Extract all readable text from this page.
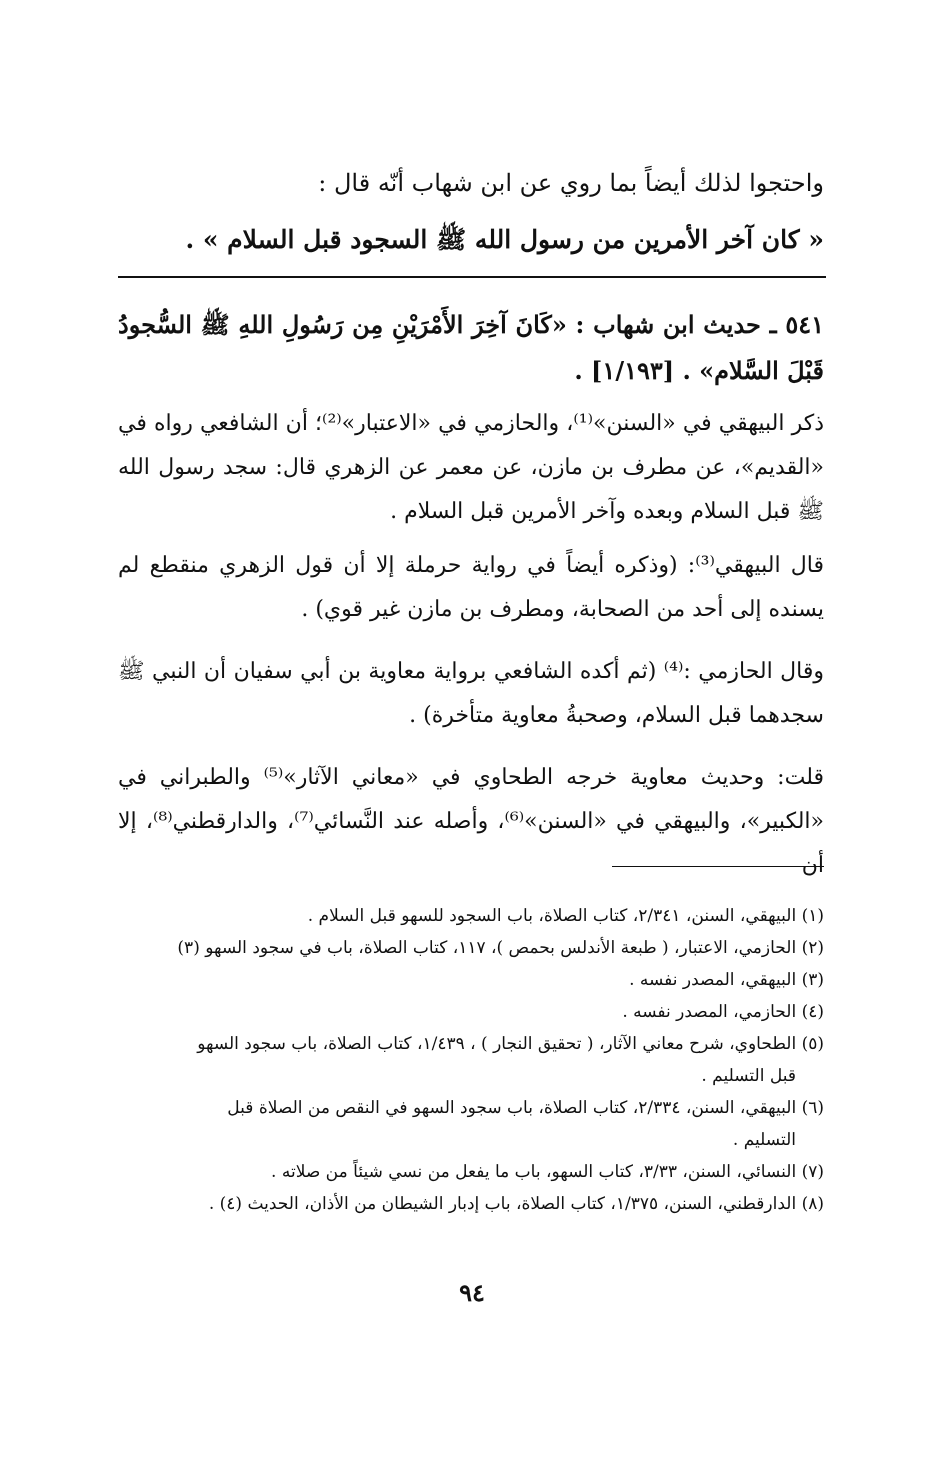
واحتجوا لذلك أيضاً بما روي عن ابن شهاب أنّه قال :
« كان آخر الأمرين من رسول الله ﷺ السجود قبل السلام » .
٥٤١ ـ حديث ابن شهاب : «كَانَ آخِرَ الأَمْرَيْنِ مِن رَسُولِ اللهِ ﷺ السُّجودُ قَبْلَ السَّلام» . [١/١٩٣] .
ذكر البيهقي في «السنن»⁽¹⁾، والحازمي في «الاعتبار»⁽²⁾؛ أن الشافعي رواه في «القديم»، عن مطرف بن مازن، عن معمر عن الزهري قال: سجد رسول الله ﷺ قبل السلام وبعده وآخر الأمرين قبل السلام .
قال البيهقي⁽³⁾: (وذكره أيضاً في رواية حرملة إلا أن قول الزهري منقطع لم يسنده إلى أحد من الصحابة، ومطرف بن مازن غير قوي) .
وقال الحازمي :⁽⁴⁾ (ثم أكده الشافعي برواية معاوية بن أبي سفيان أن النبي ﷺ سجدهما قبل السلام، وصحبةُ معاوية متأخرة) .
قلت: وحديث معاوية خرجه الطحاوي في «معاني الآثار»⁽⁵⁾ والطبراني في «الكبير»، والبيهقي في «السنن»⁽⁶⁾، وأصله عند النَّسائي⁽⁷⁾، والدارقطني⁽⁸⁾، إلا أن

(١) البيهقي، السنن، ٢/٣٤١، كتاب الصلاة، باب السجود للسهو قبل السلام .

(٢) الحازمي، الاعتبار، ( طبعة الأندلس بحمص )، ١١٧، كتاب الصلاة، باب في سجود السهو (٣)

(٣) البيهقي، المصدر نفسه .

(٤) الحازمي، المصدر نفسه .

(٥) الطحاوي، شرح معاني الآثار، ( تحقيق النجار ) ، ١/٤٣٩، كتاب الصلاة، باب سجود السهو

قبل التسليم .

(٦) البيهقي، السنن، ٢/٣٣٤، كتاب الصلاة، باب سجود السهو في النقص من الصلاة قبل

التسليم .

(٧) النسائي، السنن، ٣/٣٣، كتاب السهو، باب ما يفعل من نسي شيئاً من صلاته .

(٨) الدارقطني، السنن، ١/٣٧٥، كتاب الصلاة، باب إدبار الشيطان من الأذان، الحديث (٤) .

٩٤
